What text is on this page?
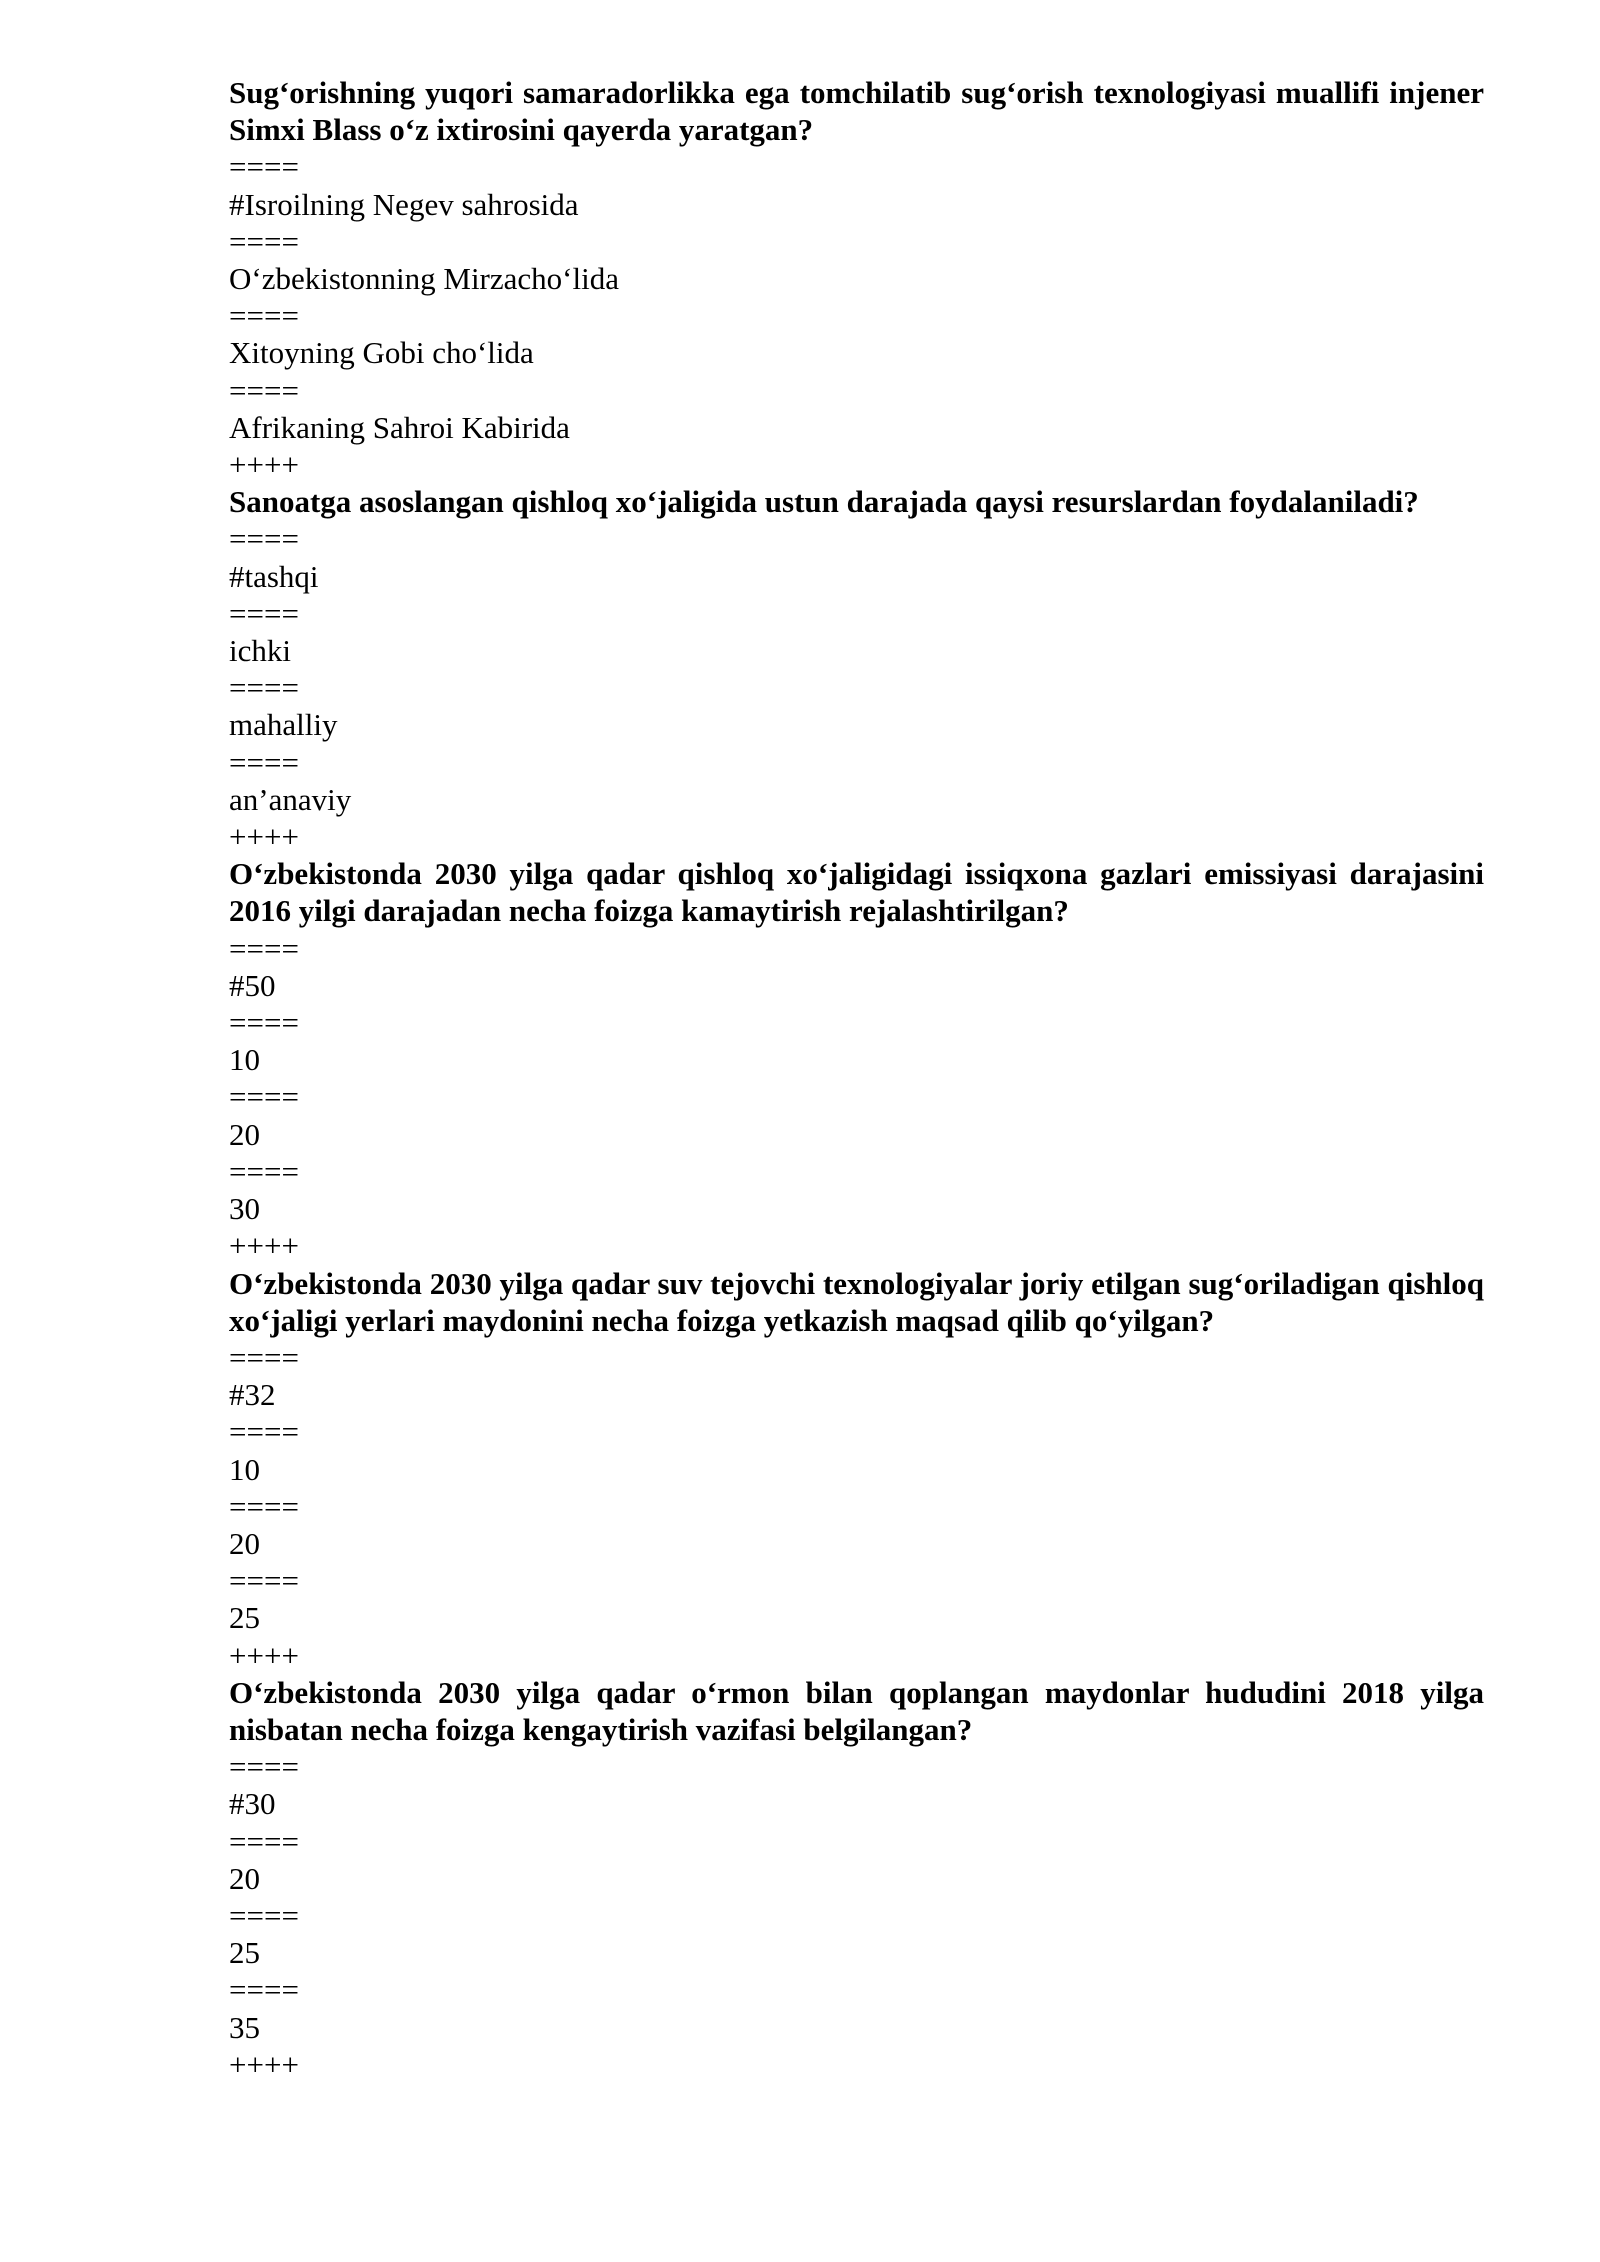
Sug‘orishning yuqori samaradorlikka ega tomchilatib sug‘orish texnologiyasi muallifi injener Simxi Blass o‘z ixtirosini qayerda yaratgan?

====

#Isroilning Negev sahrosida

====

O‘zbekistonning Mirzacho‘lida

====

Xitoyning Gobi cho‘lida

====

Afrikaning Sahroi Kabirida

++++

Sanoatga asoslangan qishloq xo‘jaligida ustun darajada qaysi resurslardan foydalaniladi?

====

#tashqi

====

ichki

====

mahalliy

====

an’anaviy

++++

O‘zbekistonda 2030 yilga qadar qishloq xo‘jaligidagi issiqxona gazlari emissiyasi darajasini 2016 yilgi darajadan necha foizga kamaytirish rejalashtirilgan?

====

#50

====

10

====

20

====

30

++++

O‘zbekistonda 2030 yilga qadar suv tejovchi texnologiyalar joriy etilgan sug‘oriladigan qishloq xo‘jaligi yerlari maydonini necha foizga yetkazish maqsad qilib qo‘yilgan?

====

#32

====

10

====

20

====

25

++++

O‘zbekistonda 2030 yilga qadar o‘rmon bilan qoplangan maydonlar hududini 2018 yilga nisbatan necha foizga kengaytirish vazifasi belgilangan?

====

#30

====

20

====

25

====

35

++++
